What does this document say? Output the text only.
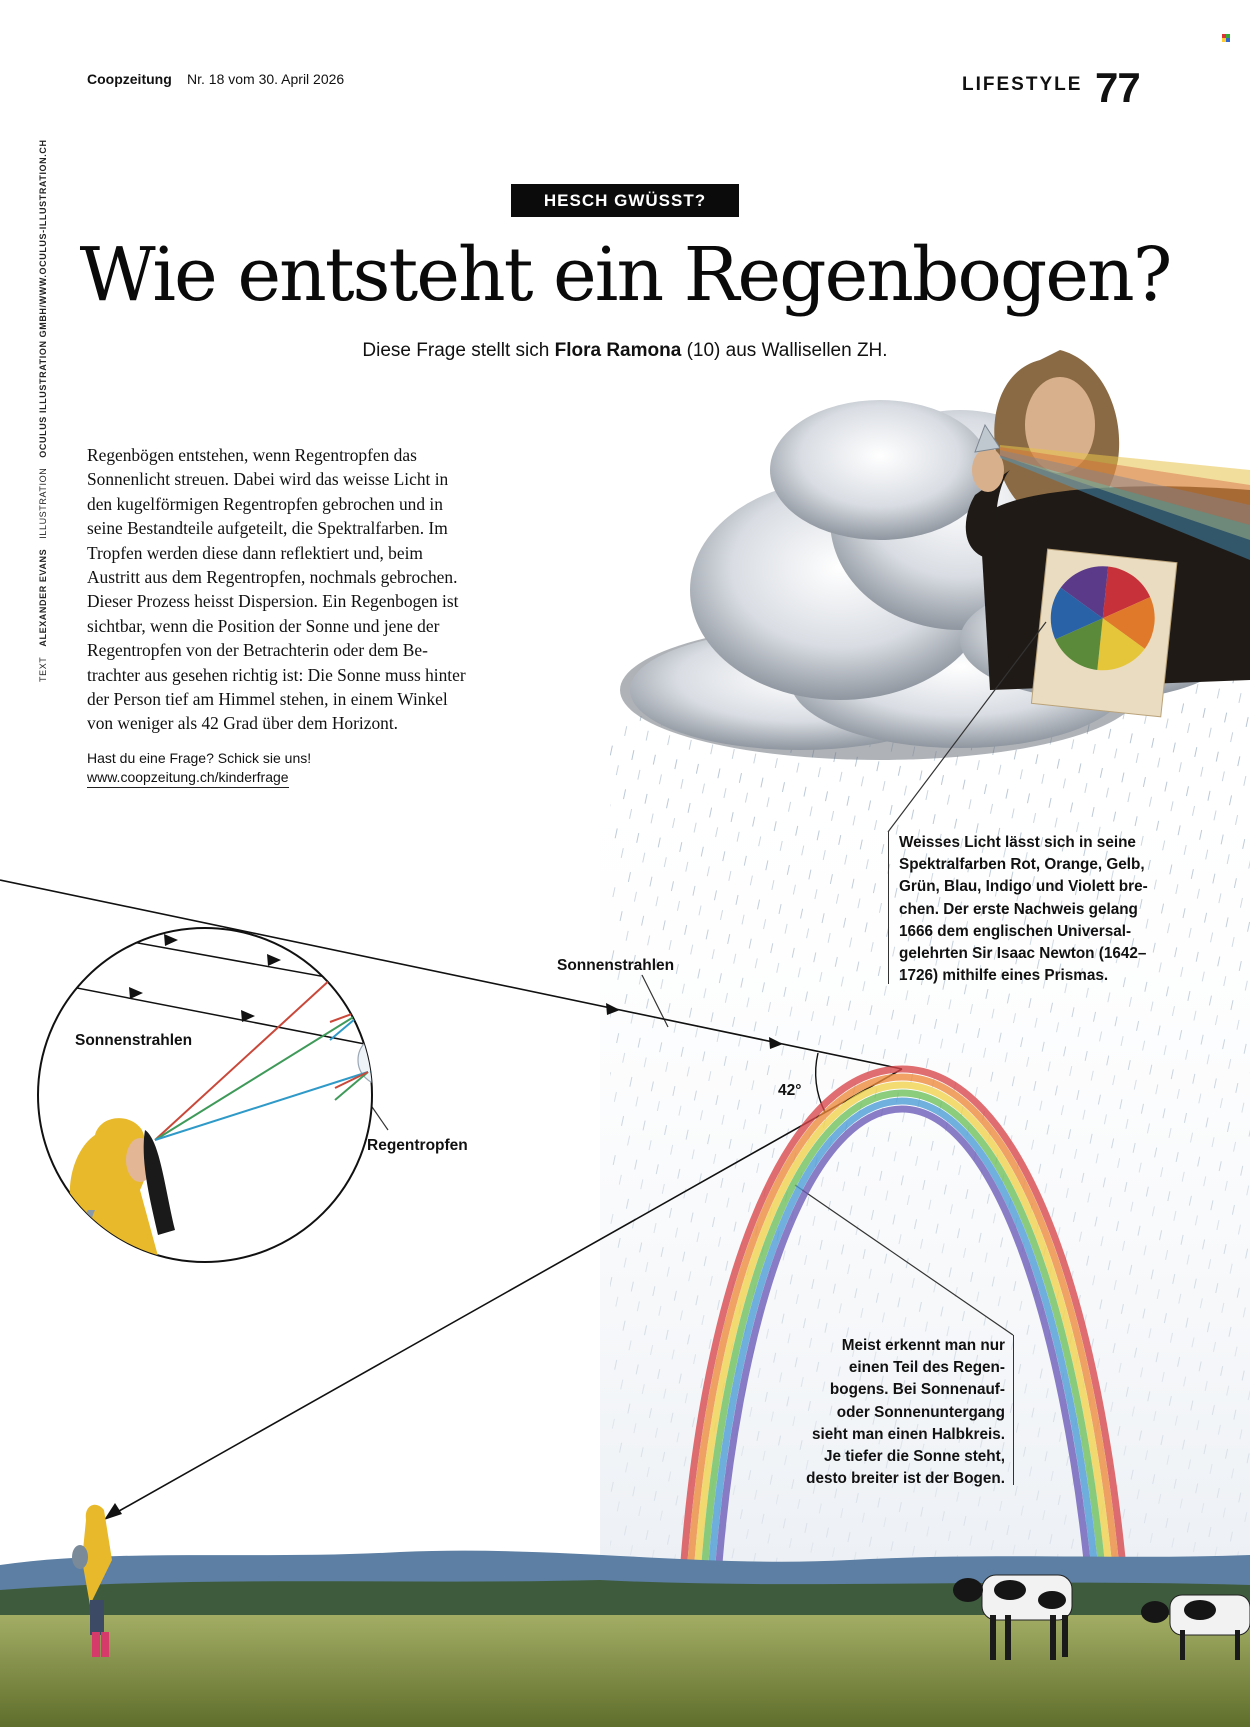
Coopzeitung Nr. 18 vom 30. April 2026	LIFESTYLE 77
TEXTALEXANDER EVANSILLUSTRATIONOCULUS ILLUSTRATION GMBH/WWW.OCULUS-ILLUSTRATION.CH	HESCH GWÜSST?
Wie entsteht ein Regenbogen?
Diese Frage stellt sich Flora Ramona (10) aus Wallisellen ZH.
Regenbögen entstehen, wenn Regentropfen das
Sonnenlicht streuen. Dabei wird das weisse Licht in
den kugelförmigen Regentropfen gebrochen und in
seine Bestandteile aufgeteilt, die Spektralfarben. Im
Tropfen werden diese dann reflektiert und, beim
Austritt aus dem Regentropfen, nochmals gebrochen.
Dieser Prozess heisst Dispersion. Ein Regenbogen ist
sichtbar, wenn die Position der Sonne und jene der
Regentropfen von der Betrachterin oder dem Be-
trachter aus gesehen richtig ist: Die Sonne muss hinter
der Person tief am Himmel stehen, in einem Winkel
von weniger als 42 Grad über dem Horizont.
Hast du eine Frage? Schick sie uns!
www.coopzeitung.ch/kinderfrage
Weisses Licht lässt sich in seine
Spektralfarben Rot, Orange, Gelb,
Grün, Blau, Indigo und Violett bre-
chen. Der erste Nachweis gelang
1666 dem englischen Universal-
gelehrten Sir Isaac Newton (1642–
1726) mithilfe eines Prismas.
Meist erkennt man nur
einen Teil des Regen-
bogens. Bei Sonnenauf-
oder Sonnenuntergang
sieht man einen Halbkreis.
Je tiefer die Sonne steht,
desto breiter ist der Bogen.
Sonnenstrahlen
Sonnenstrahlen
Regentropfen
42°
